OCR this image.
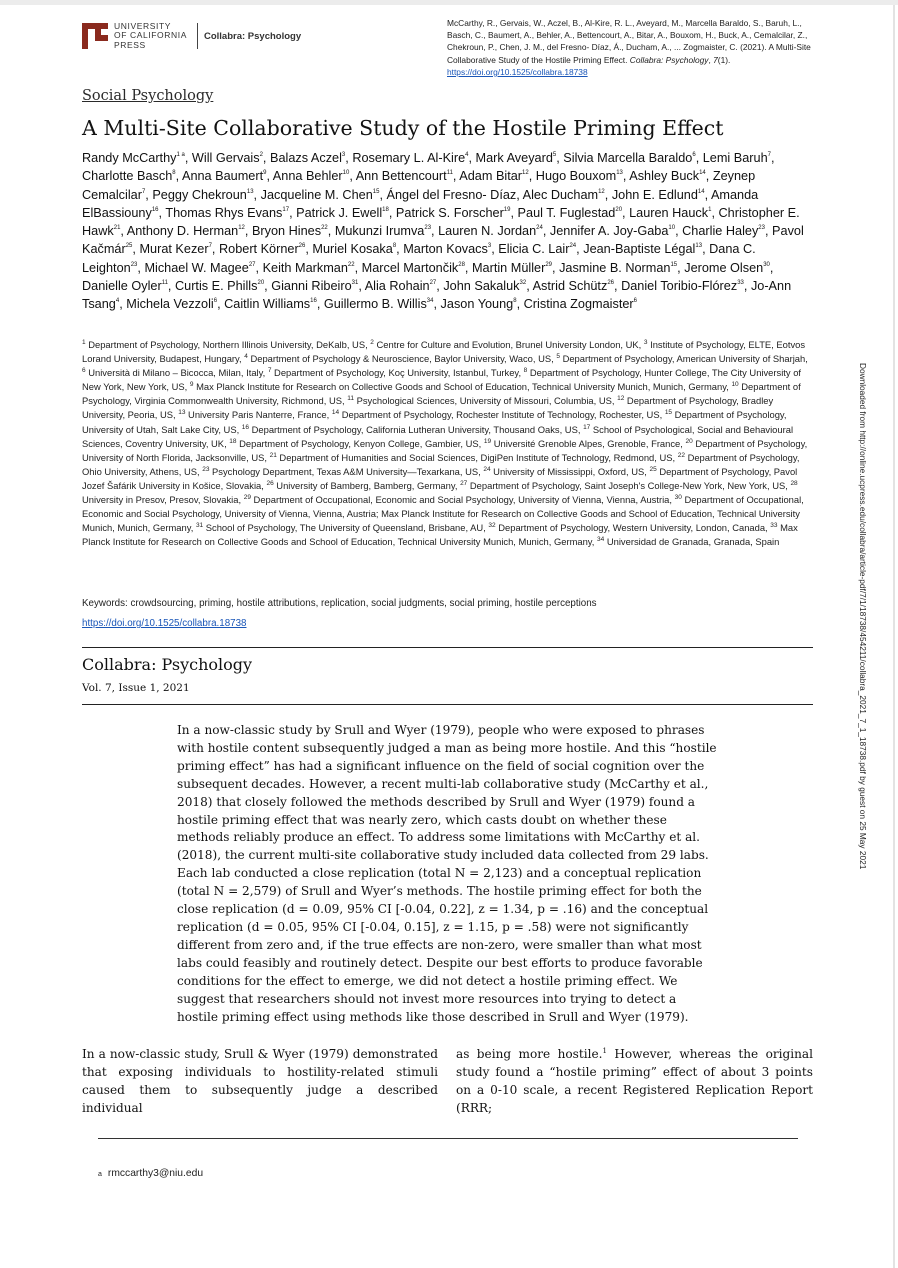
UNIVERSITY
OF CALIFORNIA
PRESS
Collabra: Psychology
McCarthy, R., Gervais, W., Aczel, B., Al-Kire, R. L., Aveyard, M., Marcella Baraldo, S., Baruh, L., Basch, C., Baumert, A., Behler, A., Bettencourt, A., Bitar, A., Bouxom, H., Buck, A., Cemalcilar, Z., Chekroun, P., Chen, J. M., del Fresno- Díaz, Á., Ducham, A., ... Zogmaister, C. (2021). A Multi-Site Collaborative Study of the Hostile Priming Effect. Collabra: Psychology, 7(1). https://doi.org/10.1525/collabra.18738
Social Psychology
A Multi-Site Collaborative Study of the Hostile Priming Effect
Randy McCarthy$^1$ $^a$, Will Gervais$^2$, Balazs Aczel$^3$, Rosemary L. Al-Kire$^4$, Mark Aveyard$^5$, Silvia Marcella Baraldo$^6$, Lemi Baruh$^7$, Charlotte Basch$^8$, Anna Baumert$^9$, Anna Behler$^{10}$, Ann Bettencourt$^{11}$, Adam Bitar$^{12}$, Hugo Bouxom$^{13}$, Ashley Buck$^{14}$, Zeynep Cemalcilar$^7$, Peggy Chekroun$^{13}$, Jacqueline M. Chen$^{15}$, Ángel del Fresno- Díaz, Alec Ducham$^{12}$, John E. Edlund$^{14}$, Amanda ElBassiouny$^{16}$, Thomas Rhys Evans$^{17}$, Patrick J. Ewell$^{18}$, Patrick S. Forscher$^{19}$, Paul T. Fuglestad$^{20}$, Lauren Hauck$^1$, Christopher E. Hawk$^{21}$, Anthony D. Herman$^{12}$, Bryon Hines$^{22}$, Mukunzi Irumva$^{23}$, Lauren N. Jordan$^{24}$, Jennifer A. Joy-Gaba$^{10}$, Charlie Haley$^{23}$, Pavol Kačmár$^{25}$, Murat Kezer$^7$, Robert Körner$^{26}$, Muriel Kosaka$^8$, Marton Kovacs$^3$, Elicia C. Lair$^{24}$, Jean-Baptiste Légal$^{13}$, Dana C. Leighton$^{23}$, Michael W. Magee$^{27}$, Keith Markman$^{22}$, Marcel Martončik$^{28}$, Martin Müller$^{29}$, Jasmine B. Norman$^{15}$, Jerome Olsen$^{30}$, Danielle Oyler$^{11}$, Curtis E. Phills$^{20}$, Gianni Ribeiro$^{31}$, Alia Rohain$^{27}$, John Sakaluk$^{32}$, Astrid Schütz$^{26}$, Daniel Toribio-Flórez$^{33}$, Jo-Ann Tsang$^4$, Michela Vezzoli$^6$, Caitlin Williams$^{16}$, Guillermo B. Willis$^{34}$, Jason Young$^8$, Cristina Zogmaister$^6$
$^1$ Department of Psychology, Northern Illinois University, DeKalb, US, $^2$ Centre for Culture and Evolution, Brunel University London, UK, $^3$ Institute of Psychology, ELTE, Eotvos Lorand University, Budapest, Hungary, $^4$ Department of Psychology & Neuroscience, Baylor University, Waco, US, $^5$ Department of Psychology, American University of Sharjah, $^6$ Università di Milano – Bicocca, Milan, Italy, $^7$ Department of Psychology, Koç University, Istanbul, Turkey, $^8$ Department of Psychology, Hunter College, The City University of New York, New York, US, $^9$ Max Planck Institute for Research on Collective Goods and School of Education, Technical University Munich, Munich, Germany, $^{10}$ Department of Psychology, Virginia Commonwealth University, Richmond, US, $^{11}$ Psychological Sciences, University of Missouri, Columbia, US, $^{12}$ Department of Psychology, Bradley University, Peoria, US, $^{13}$ University Paris Nanterre, France, $^{14}$ Department of Psychology, Rochester Institute of Technology, Rochester, US, $^{15}$ Department of Psychology, University of Utah, Salt Lake City, US, $^{16}$ Department of Psychology, California Lutheran University, Thousand Oaks, US, $^{17}$ School of Psychological, Social and Behavioural Sciences, Coventry University, UK, $^{18}$ Department of Psychology, Kenyon College, Gambier, US, $^{19}$ Université Grenoble Alpes, Grenoble, France, $^{20}$ Department of Psychology, University of North Florida, Jacksonville, US, $^{21}$ Department of Humanities and Social Sciences, DigiPen Institute of Technology, Redmond, US, $^{22}$ Department of Psychology, Ohio University, Athens, US, $^{23}$ Psychology Department, Texas A&M University—Texarkana, US, $^{24}$ University of Mississippi, Oxford, US, $^{25}$ Department of Psychology, Pavol Jozef Šafárik University in Košice, Slovakia, $^{26}$ University of Bamberg, Bamberg, Germany, $^{27}$ Department of Psychology, Saint Joseph's College-New York, New York, US, $^{28}$ University in Presov, Presov, Slovakia, $^{29}$ Department of Occupational, Economic and Social Psychology, University of Vienna, Vienna, Austria, $^{30}$ Department of Occupational, Economic and Social Psychology, University of Vienna, Vienna, Austria; Max Planck Institute for Research on Collective Goods and School of Education, Technical University Munich, Munich, Germany, $^{31}$ School of Psychology, The University of Queensland, Brisbane, AU, $^{32}$ Department of Psychology, Western University, London, Canada, $^{33}$ Max Planck Institute for Research on Collective Goods and School of Education, Technical University Munich, Munich, Germany, $^{34}$ Universidad de Granada, Granada, Spain
Keywords: crowdsourcing, priming, hostile attributions, replication, social judgments, social priming, hostile perceptions
https://doi.org/10.1525/collabra.18738
Collabra: Psychology
Vol. 7, Issue 1, 2021
In a now-classic study by Srull and Wyer (1979), people who were exposed to phrases with hostile content subsequently judged a man as being more hostile. And this “hostile priming effect” has had a significant influence on the field of social cognition over the subsequent decades. However, a recent multi-lab collaborative study (McCarthy et al., 2018) that closely followed the methods described by Srull and Wyer (1979) found a hostile priming effect that was nearly zero, which casts doubt on whether these methods reliably produce an effect. To address some limitations with McCarthy et al. (2018), the current multi-site collaborative study included data collected from 29 labs. Each lab conducted a close replication (total N = 2,123) and a conceptual replication (total N = 2,579) of Srull and Wyer’s methods. The hostile priming effect for both the close replication (d = 0.09, 95% CI [-0.04, 0.22], z = 1.34, p = .16) and the conceptual replication (d = 0.05, 95% CI [-0.04, 0.15], z = 1.15, p = .58) were not significantly different from zero and, if the true effects are non-zero, were smaller than what most labs could feasibly and routinely detect. Despite our best efforts to produce favorable conditions for the effect to emerge, we did not detect a hostile priming effect. We suggest that researchers should not invest more resources into trying to detect a hostile priming effect using methods like those described in Srull and Wyer (1979).
In a now-classic study, Srull & Wyer (1979) demonstrated that exposing individuals to hostility-related stimuli caused them to subsequently judge a described individual
as being more hostile.$^1$ However, whereas the original study found a “hostile priming” effect of about 3 points on a 0-10 scale, a recent Registered Replication Report (RRR;
a rmccarthy3@niu.edu
Downloaded from http://online.ucpress.edu/collabra/article-pdf/7/1/18738/454211/collabra_2021_7_1_18738.pdf by guest on 25 May 2021
